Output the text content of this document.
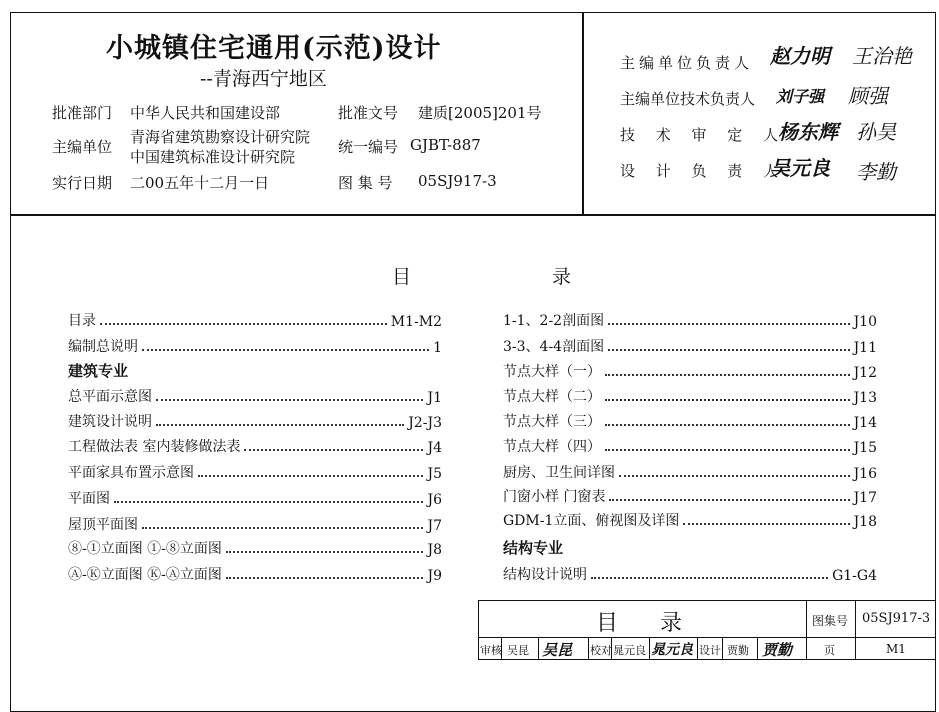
小城镇住宅通用(示范)设计
--青海西宁地区
批准部门 中华人民共和国建设部	批准文号 建质[2005]201号
主编单位
青海省建筑勘察设计研究院
中国建筑标准设计研究院
统一编号 GJBT-887
实行日期 二00五年十二月一日	图 集 号 05SJ917-3
主编单位负责人 赵力明 王治艳
主编单位技术负责人 刘子强 顾强
技 术 审 定 人
杨东辉 孙昊
设 计 负 责 人
吴元良 李勤
目	录
目录	M1-M2
编制总说明	1
建筑专业
总平面示意图	J1
建筑设计说明	J2-J3
工程做法表 室内装修做法表	J4
平面家具布置示意图	J5
平面图	J6
屋顶平面图	J7
⑧-①立面图 ①-⑧立面图	J8
Ⓐ-Ⓚ立面图 Ⓚ-Ⓐ立面图	J9
1-1、2-2剖面图	J10
3-3、4-4剖面图	J11
节点大样（一）	J12
节点大样（二）	J13
节点大样（三）	J14
节点大样（四）	J15
厨房、卫生间详图	J16
门窗小样 门窗表	J17
GDM-1立面、俯视图及详图	J18
结构专业
结构设计说明	G1-G4
目 录	图集号 05SJ917-3
审核 吴昆 吴昆 校对 晁元良 晁元良 设计 贾勤 贾勤	页	M1
